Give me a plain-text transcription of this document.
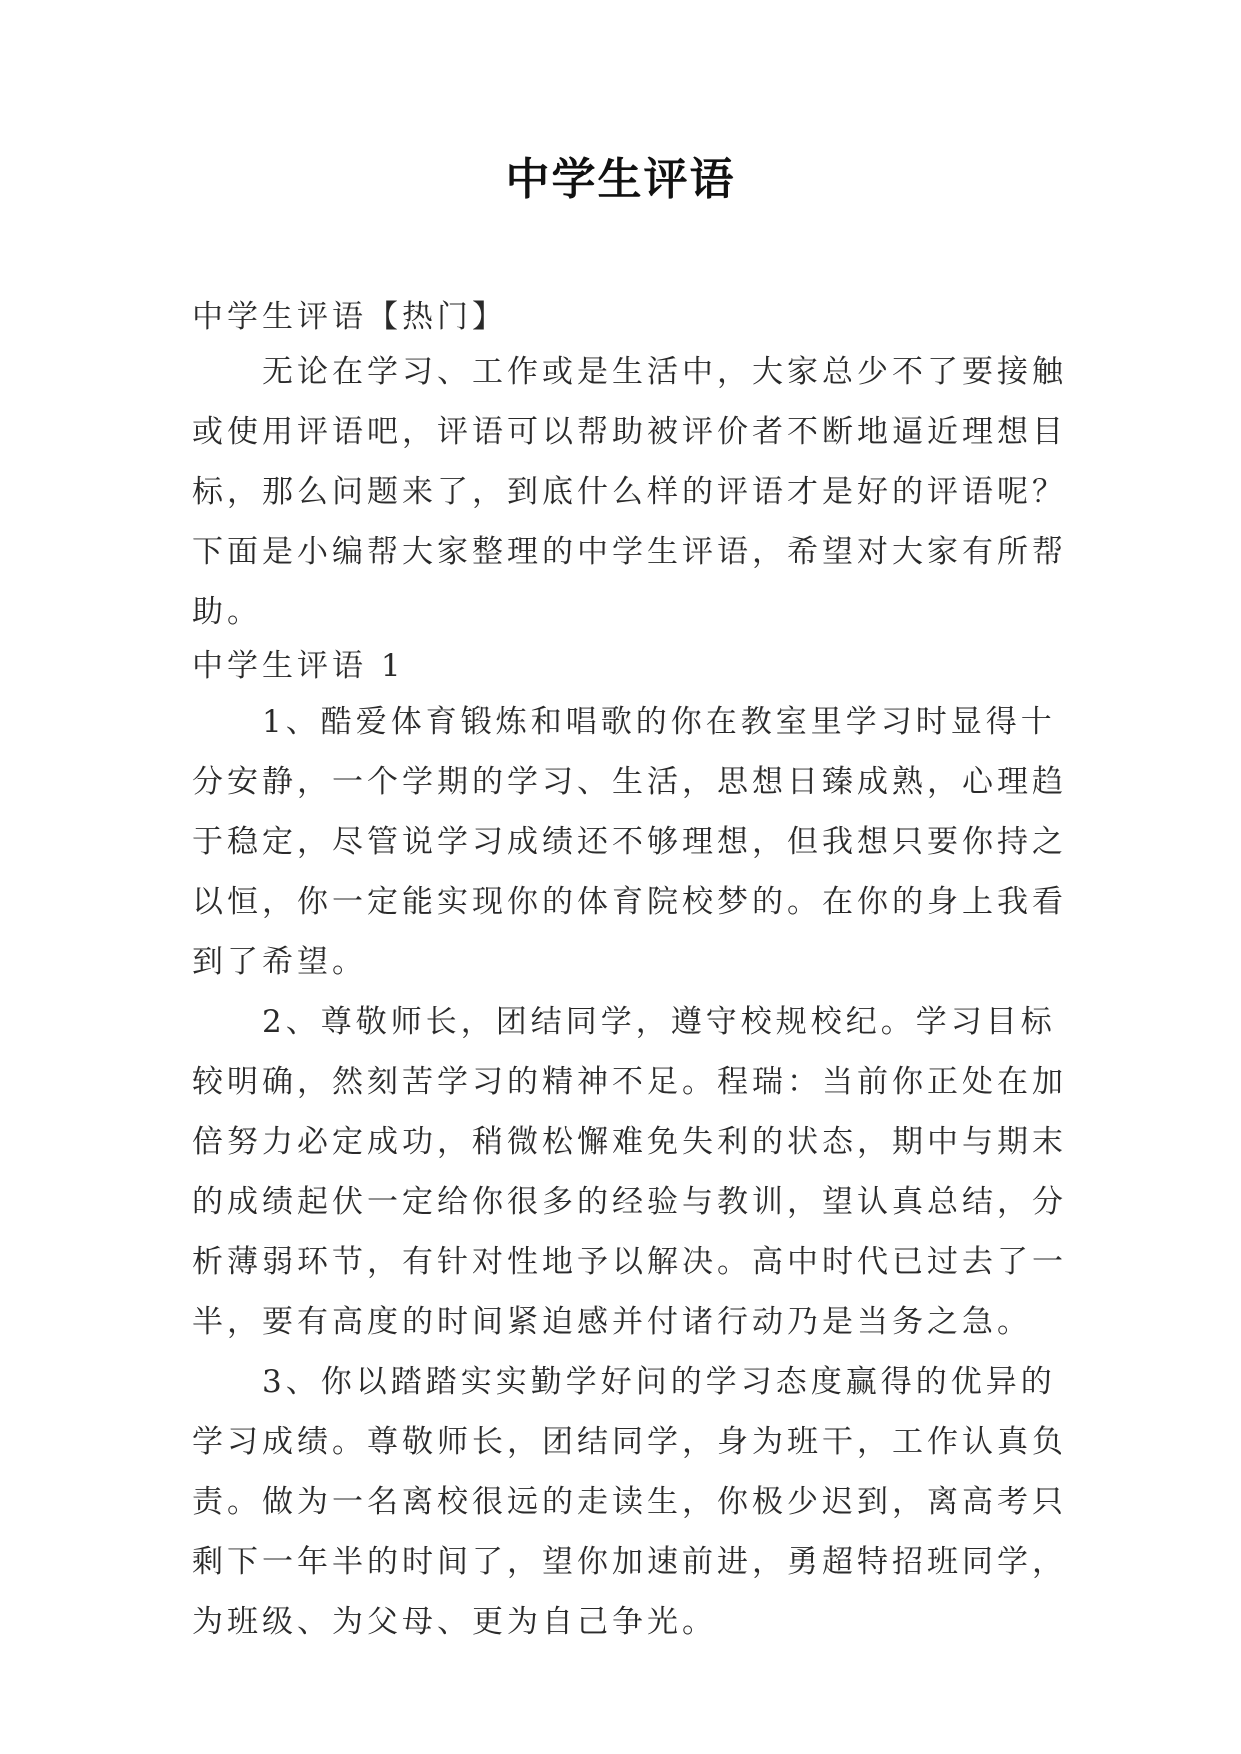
中学生评语
中学生评语【热门】

无论在学习、工作或是生活中，大家总少不了要接触或使用评语吧，评语可以帮助被评价者不断地逼近理想目标，那么问题来了，到底什么样的评语才是好的评语呢？下面是小编帮大家整理的中学生评语，希望对大家有所帮助。

中学生评语 1

1、酷爱体育锻炼和唱歌的你在教室里学习时显得十分安静，一个学期的学习、生活，思想日臻成熟，心理趋于稳定，尽管说学习成绩还不够理想，但我想只要你持之以恒，你一定能实现你的体育院校梦的。在你的身上我看到了希望。

2、尊敬师长，团结同学，遵守校规校纪。学习目标较明确，然刻苦学习的精神不足。程瑞：当前你正处在加倍努力必定成功，稍微松懈难免失利的状态，期中与期末的成绩起伏一定给你很多的经验与教训，望认真总结，分析薄弱环节，有针对性地予以解决。高中时代已过去了一半，要有高度的时间紧迫感并付诸行动乃是当务之急。

3、你以踏踏实实勤学好问的学习态度赢得的优异的学习成绩。尊敬师长，团结同学，身为班干，工作认真负责。做为一名离校很远的走读生，你极少迟到，离高考只剩下一年半的时间了，望你加速前进，勇超特招班同学，为班级、为父母、更为自己争光。
